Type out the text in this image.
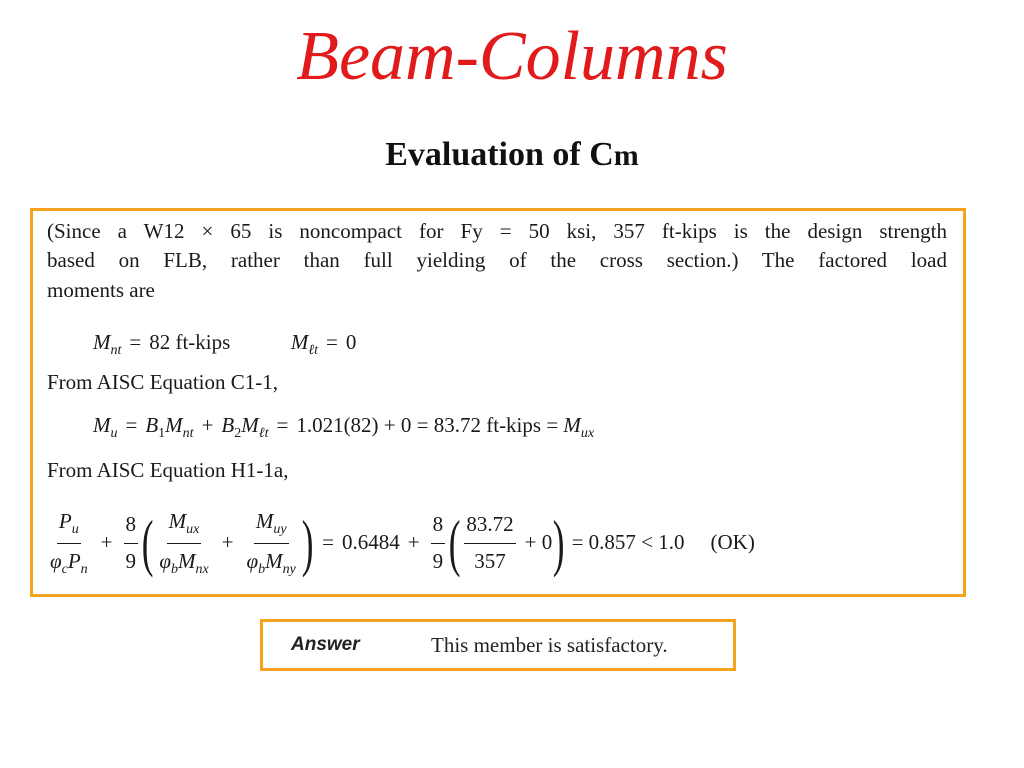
Beam-Columns
Evaluation of Cm
(Since a W12 × 65 is noncompact for Fy = 50 ksi, 357 ft-kips is the design strength
based on FLB, rather than full yielding of the cross section.) The factored load
moments are
$M_{nt} = 82$ ft-kips	$M_{\ell t} = 0$
From AISC Equation C1-1,
$M_u = B_1M_{nt} + B_2M_{\ell t} = 1.021(82) + 0 = 83.72$ ft-kips = $M_{ux}$
From AISC Equation H1-1a,
$\frac{P_u}{\varphi_cP_n} + \frac{8}{9}$ ( $\frac{M_{ux}}{\varphi_bM_{nx}} + \frac{M_{uy}}{\varphi_bM_{ny}}$ ) = $0.6484 + \frac{8}{9}$ ( $\frac{83.72}{357} + 0$ ) = 0.857 < 1.0 (OK)
Answer	This member is satisfactory.
